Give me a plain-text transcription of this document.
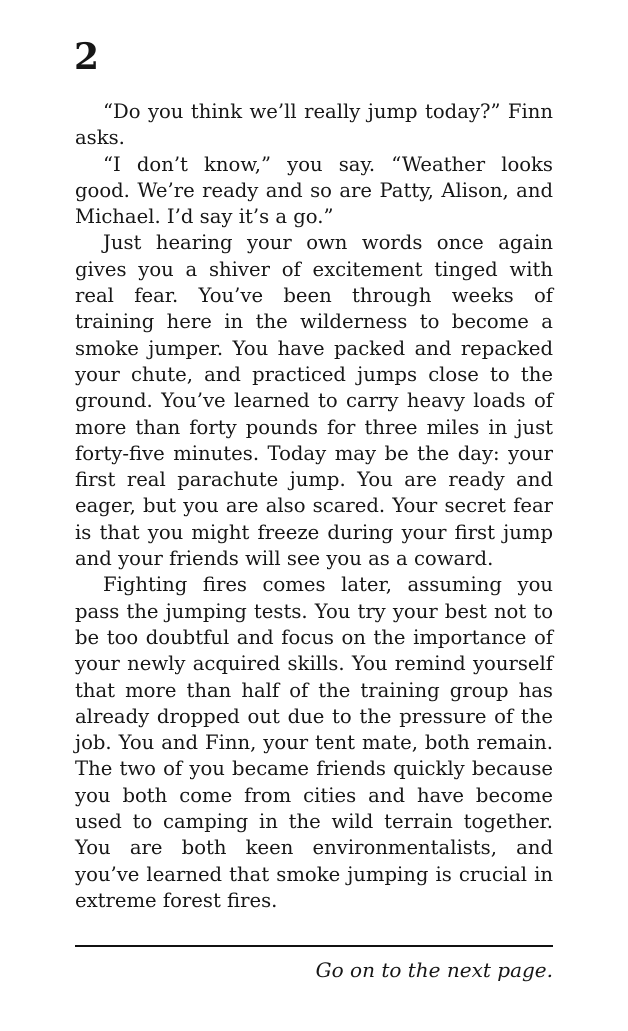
2

“Do you think we’ll really jump today?” Finn asks.

“I don’t know,” you say. “Weather looks good. We’re ready and so are Patty, Alison, and Michael. I’d say it’s a go.”

Just hearing your own words once again gives you a shiver of excitement tinged with real fear. You’ve been through weeks of training here in the wilderness to become a smoke jumper. You have packed and repacked your chute, and practiced jumps close to the ground. You’ve learned to carry heavy loads of more than forty pounds for three miles in just forty-five minutes. Today may be the day: your first real parachute jump. You are ready and eager, but you are also scared. Your secret fear is that you might freeze during your first jump and your friends will see you as a coward.

Fighting fires comes later, assuming you pass the jumping tests. You try your best not to be too doubtful and focus on the importance of your newly acquired skills. You remind yourself that more than half of the training group has already dropped out due to the pressure of the job. You and Finn, your tent mate, both remain. The two of you became friends quickly because you both come from cities and have become used to camping in the wild terrain together. You are both keen environmentalists, and you’ve learned that smoke jumping is crucial in extreme forest fires.

Go on to the next page.
